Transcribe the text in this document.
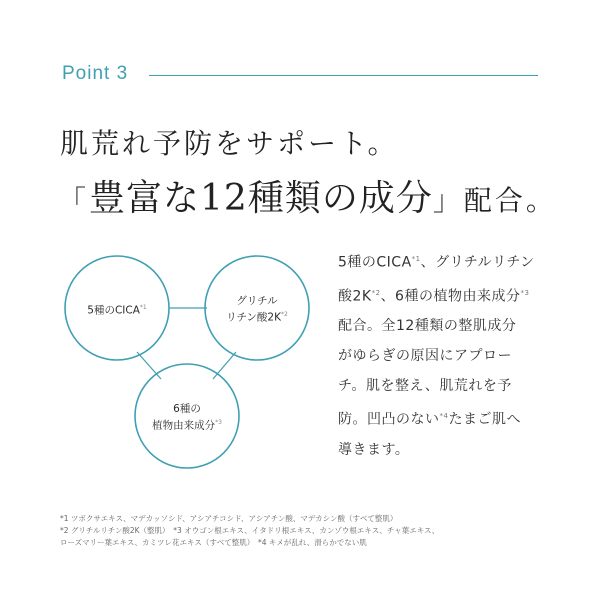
Point 3
肌荒れ予防をサポート。
「豊富な12種類の成分」配合。
5種のCICA$^{*1}$
グリチル
リチン酸$2K^{*2}$
6種の
植物由来成分$^{*3}$

5種のCICA$^{*1}$、グリチルリチン

酸$2K^{*2}$、6種の植物由来成分$^{*3}$

配合。全12種類の整肌成分

がゆらぎの原因にアプロー

チ。肌を整え、肌荒れを予

防。凹凸のない$^{*4}$たまご肌へ

導きます。

*1 ツボクサエキス、マデカッソシド、アシアチコシド、アシアチン酸、マデカシン酸（すべて整肌）

*2 グリチルリチン酸2K（整肌）　*3 オウゴン根エキス、イタドリ根エキス、カンゾウ根エキス、チャ葉エキス、

ローズマリー葉エキス、カミツレ花エキス（すべて整肌）　*4 キメが乱れ、滑らかでない肌
